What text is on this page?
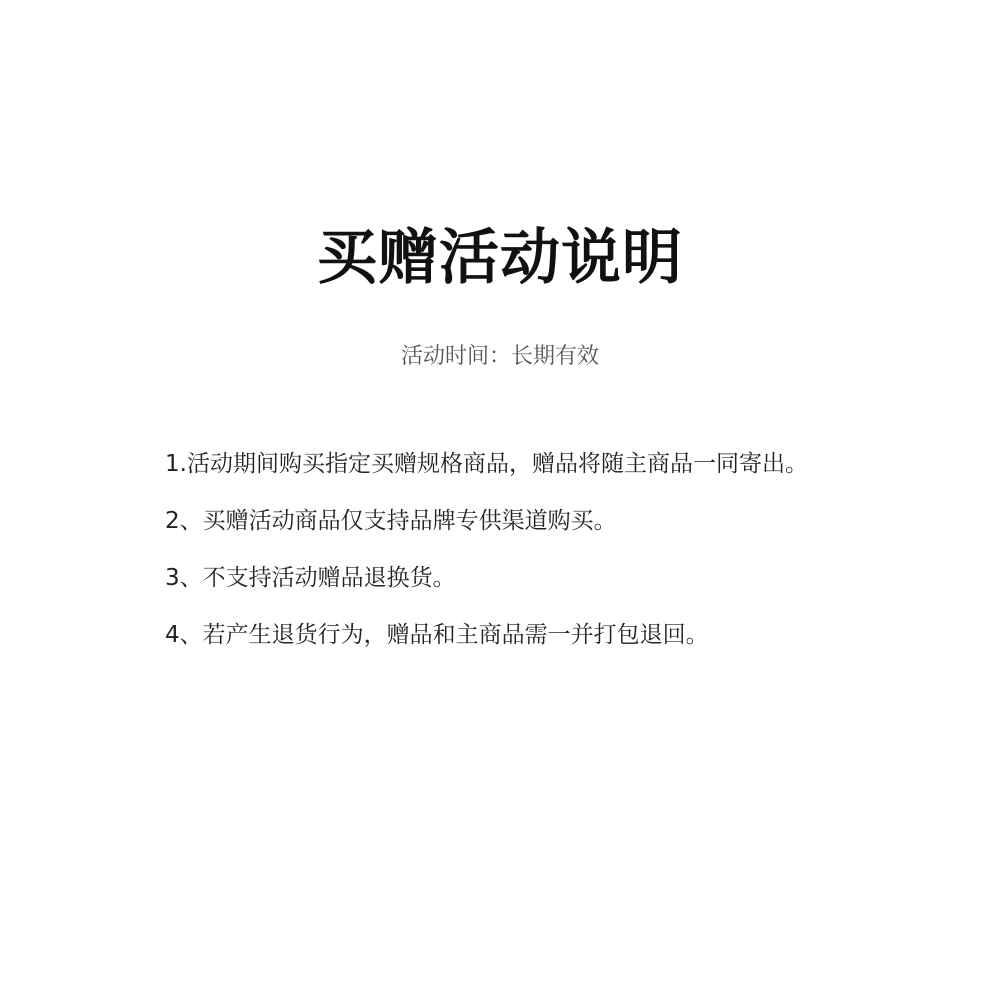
买赠活动说明

活动时间：长期有效

1.活动期间购买指定买赠规格商品，赠品将随主商品一同寄出。
2、买赠活动商品仅支持品牌专供渠道购买。
3、不支持活动赠品退换货。
4、若产生退货行为，赠品和主商品需一并打包退回。
